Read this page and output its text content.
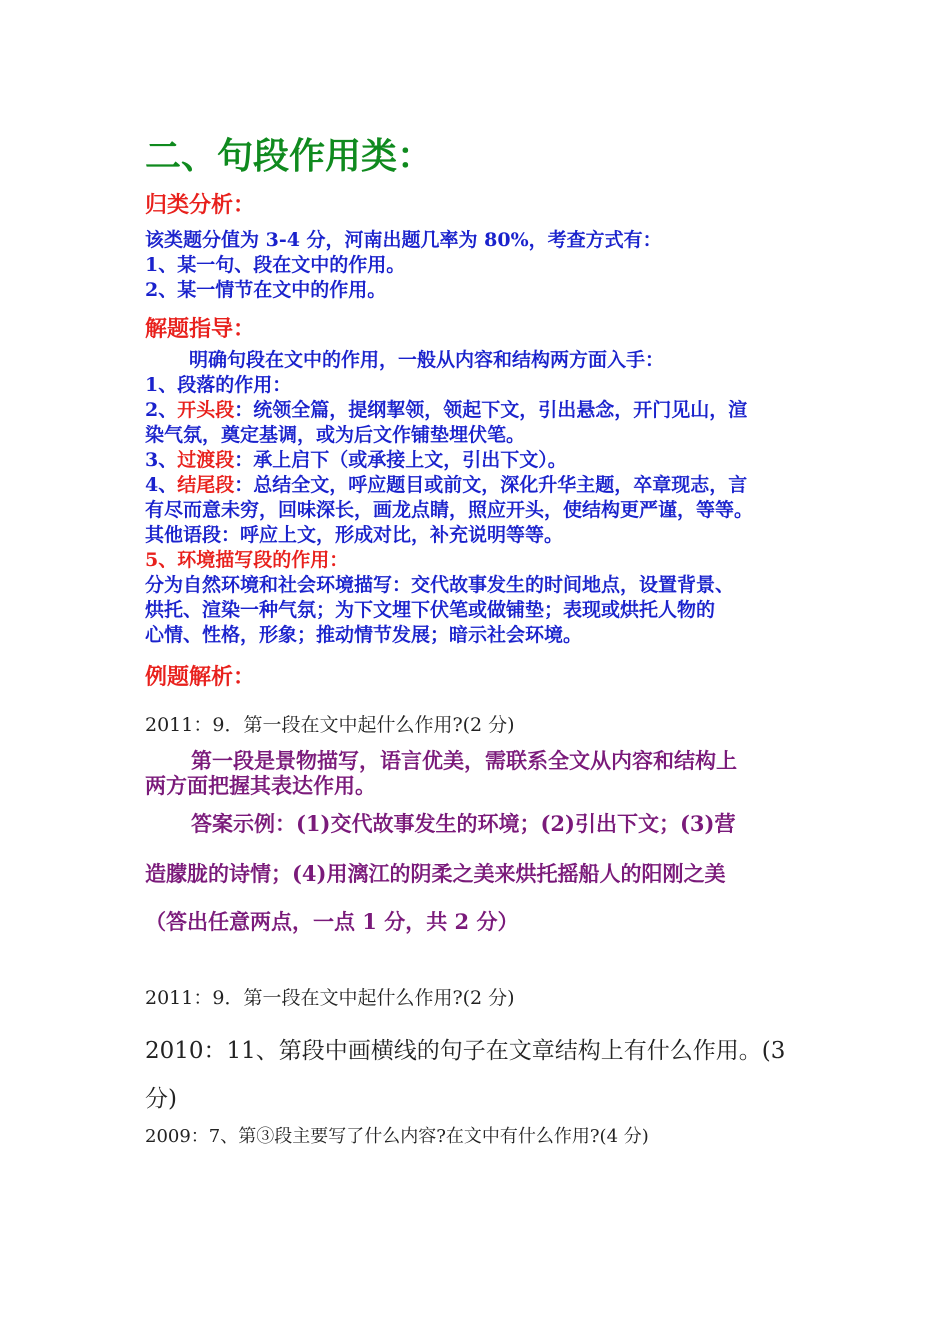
二、句段作用类：
归类分析：
该类题分值为 3-4 分，河南出题几率为 80%，考查方式有：
1、某一句、段在文中的作用。
2、某一情节在文中的作用。
解题指导：
明确句段在文中的作用，一般从内容和结构两方面入手：
1、段落的作用：
2、开头段：统领全篇，提纲挈领，领起下文，引出悬念，开门见山，渲
染气氛，奠定基调，或为后文作铺垫埋伏笔。
3、过渡段：承上启下（或承接上文，引出下文）。
4、结尾段：总结全文，呼应题目或前文，深化升华主题，卒章现志，言
有尽而意未穷，回味深长，画龙点睛，照应开头，使结构更严谨，等等。
其他语段：呼应上文，形成对比，补充说明等等。
5、环境描写段的作用：
分为自然环境和社会环境描写：交代故事发生的时间地点，设置背景、
烘托、渲染一种气氛；为下文埋下伏笔或做铺垫；表现或烘托人物的
心情、性格，形象；推动情节发展；暗示社会环境。
例题解析：
2011：9．第一段在文中起什么作用?(2 分)
第一段是景物描写，语言优美，需联系全文从内容和结构上
两方面把握其表达作用。
答案示例：(1)交代故事发生的环境；(2)引出下文；(3)营
造朦胧的诗情；(4)用漓江的阴柔之美来烘托摇船人的阳刚之美
（答出任意两点，一点 1 分，共 2 分）
2011：9．第一段在文中起什么作用?(2 分)
2010：11、第段中画横线的句子在文章结构上有什么作用。(3
分)
2009：7、第③段主要写了什么内容?在文中有什么作用?(4 分)
